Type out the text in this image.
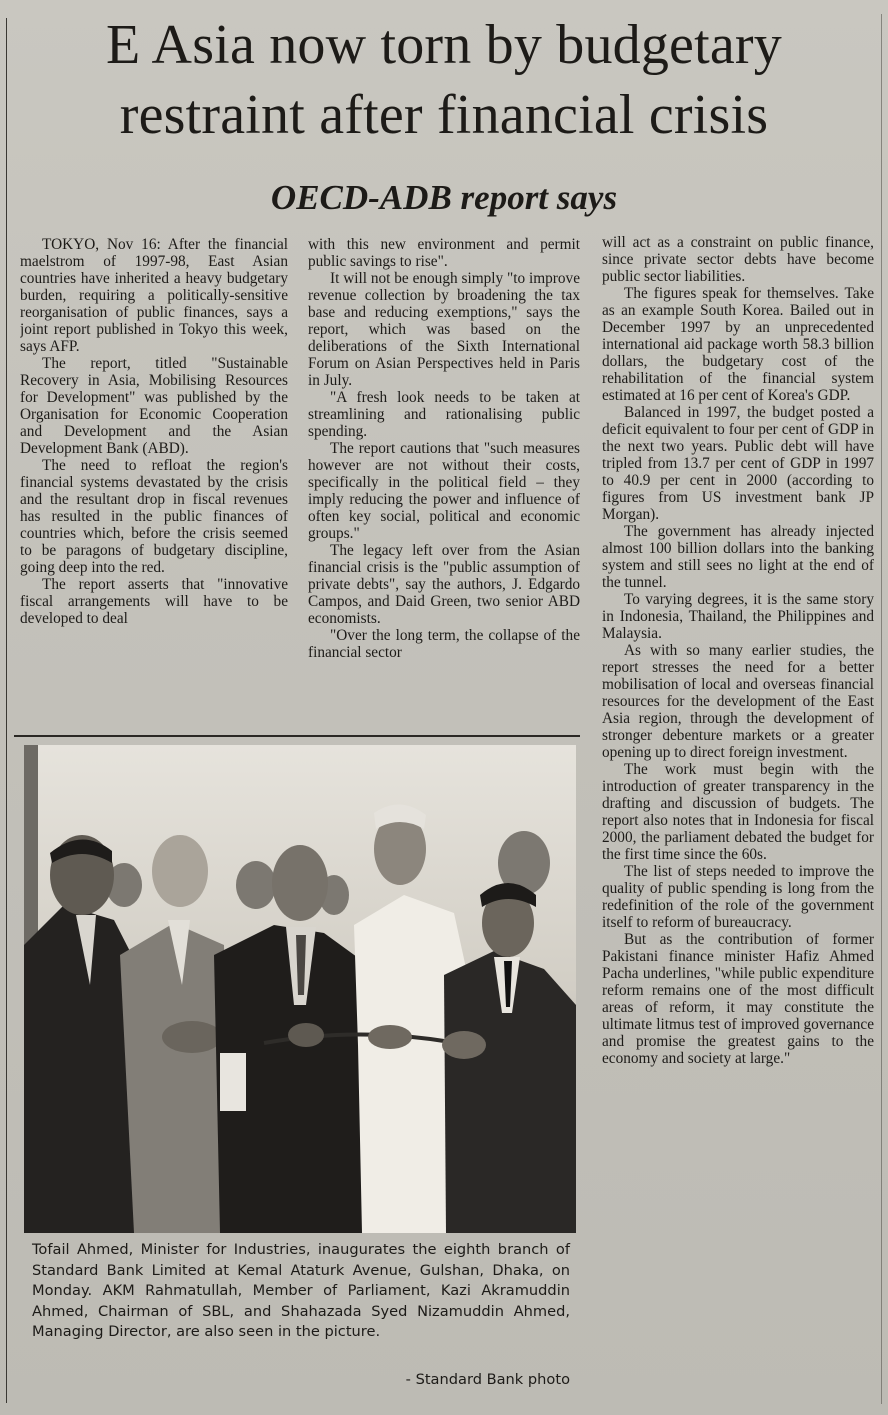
E Asia now torn by budgetary
restraint after financial crisis
OECD-ADB report says

TOKYO, Nov 16: After the financial maelstrom of 1997-98, East Asian countries have inherited a heavy budgetary burden, requiring a politically-sensitive reorganisation of public finances, says a joint report published in Tokyo this week, says AFP.

The report, titled "Sustainable Recovery in Asia, Mobilising Resources for Development" was published by the Organisation for Economic Cooperation and Development and the Asian Development Bank (ABD).

The need to refloat the region's financial systems devastated by the crisis and the resultant drop in fiscal revenues has resulted in the public finances of countries which, before the crisis seemed to be paragons of budgetary discipline, going deep into the red.

The report asserts that "innovative fiscal arrangements will have to be developed to deal

with this new environment and permit public savings to rise".

It will not be enough simply "to improve revenue collection by broadening the tax base and reducing exemptions," says the report, which was based on the deliberations of the Sixth International Forum on Asian Perspectives held in Paris in July.

"A fresh look needs to be taken at streamlining and rationalising public spending.

The report cautions that "such measures however are not without their costs, specifically in the political field – they imply reducing the power and influence of often key social, political and economic groups."

The legacy left over from the Asian financial crisis is the "public assumption of private debts", say the authors, J. Edgardo Campos, and Daid Green, two senior ABD economists.

"Over the long term, the collapse of the financial sector

will act as a constraint on public finance, since private sector debts have become public sector liabilities.

The figures speak for themselves. Take as an example South Korea. Bailed out in December 1997 by an unprecedented international aid package worth 58.3 billion dollars, the budgetary cost of the rehabilitation of the financial system estimated at 16 per cent of Korea's GDP.

Balanced in 1997, the budget posted a deficit equivalent to four per cent of GDP in the next two years. Public debt will have tripled from 13.7 per cent of GDP in 1997 to 40.9 per cent in 2000 (according to figures from US investment bank JP Morgan).

The government has already injected almost 100 billion dollars into the banking system and still sees no light at the end of the tunnel.

To varying degrees, it is the same story in Indonesia, Thailand, the Philippines and Malaysia.

As with so many earlier studies, the report stresses the need for a better mobilisation of local and overseas financial resources for the development of the East Asia region, through the development of stronger debenture markets or a greater opening up to direct foreign investment.

The work must begin with the introduction of greater transparency in the drafting and discussion of budgets. The report also notes that in Indonesia for fiscal 2000, the parliament debated the budget for the first time since the 60s.

The list of steps needed to improve the quality of public spending is long from the redefinition of the role of the government itself to reform of bureaucracy.

But as the contribution of former Pakistani finance minister Hafiz Ahmed Pacha underlines, "while public expenditure reform remains one of the most difficult areas of reform, it may constitute the ultimate litmus test of improved governance and promise the greatest gains to the economy and society at large."

Tofail Ahmed, Minister for Industries, inaugurates the eighth branch of Standard Bank Limited at Kemal Ataturk Avenue, Gulshan, Dhaka, on Monday. AKM Rahmatullah, Member of Parliament, Kazi Akramuddin Ahmed, Chairman of SBL, and Shahazada Syed Nizamuddin Ahmed, Managing Director, are also seen in the picture.

- Standard Bank photo
